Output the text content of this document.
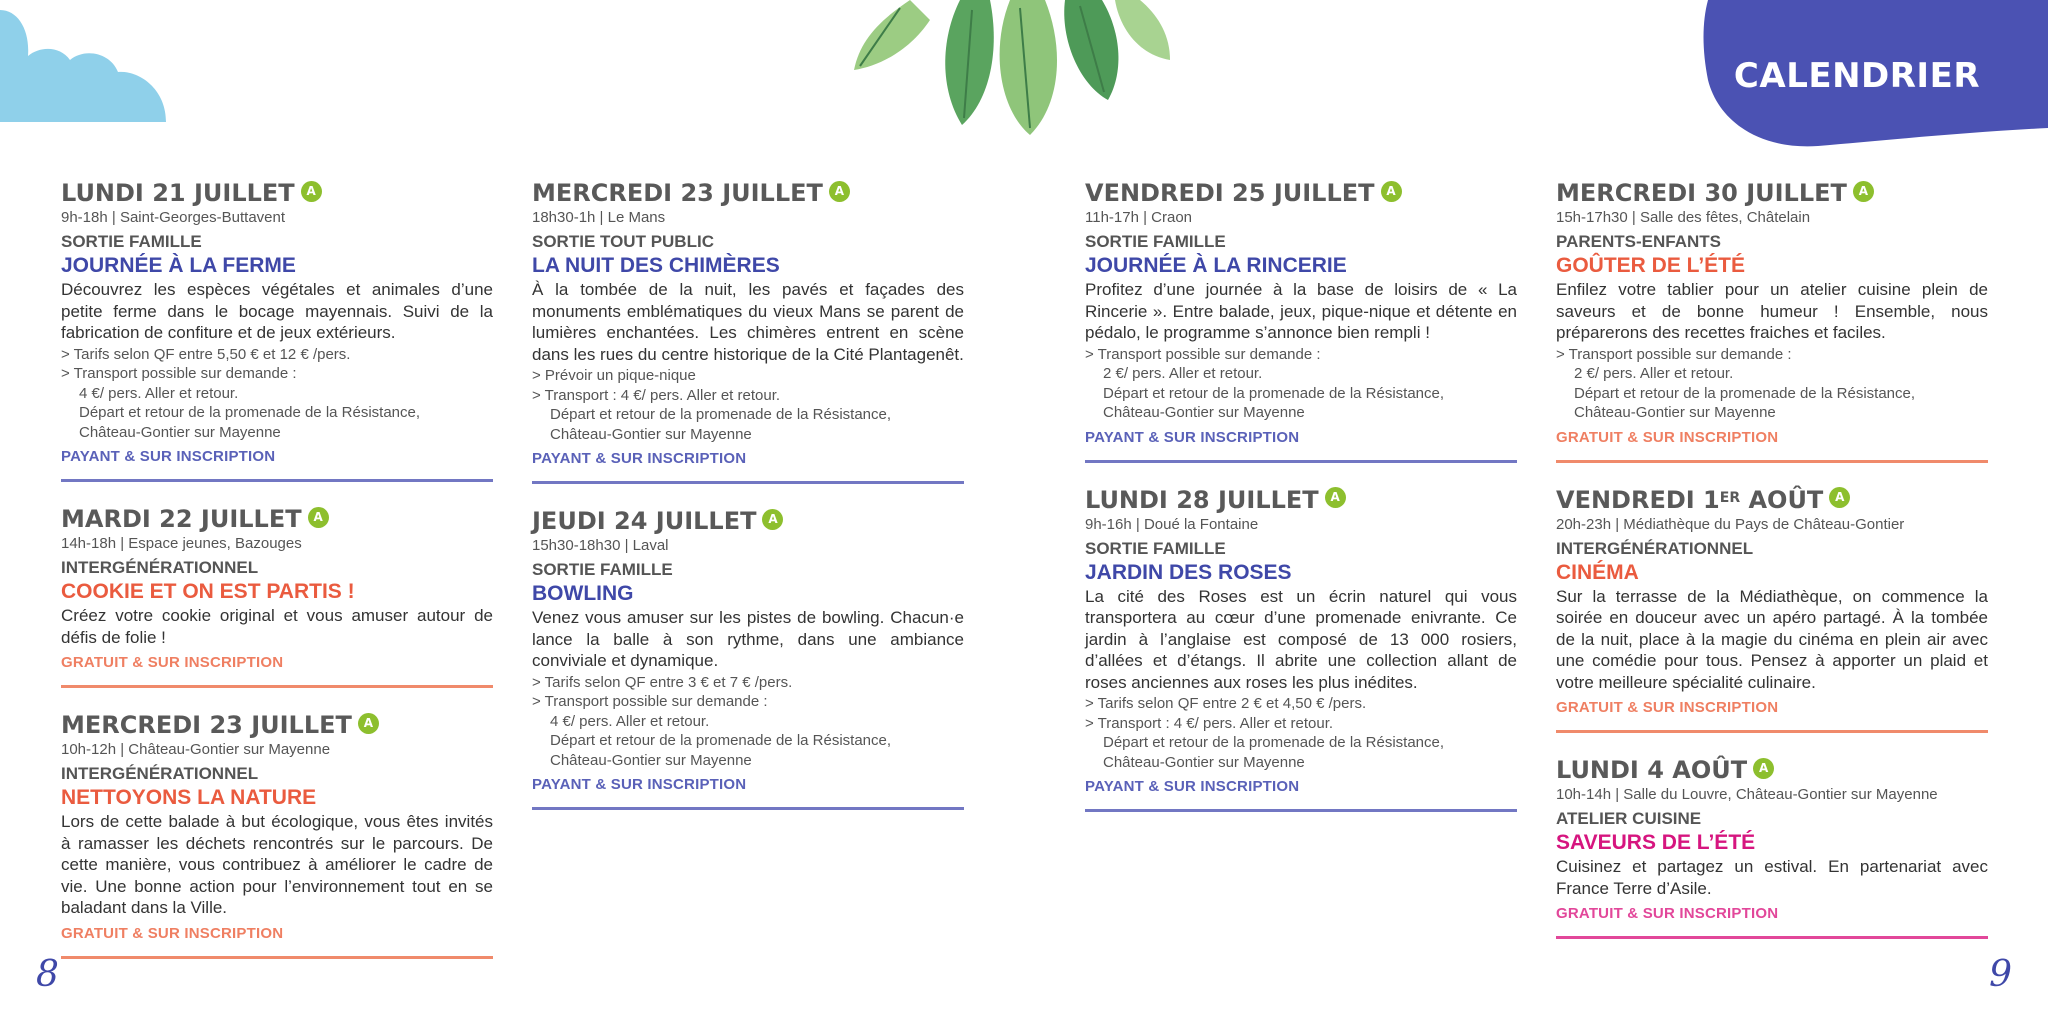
CALENDRIER
LUNDI 21 JUILLET A
9h-18h | Saint-Georges-Buttavent
SORTIE FAMILLE
JOURNÉE À LA FERME
Découvrez les espèces végétales et animales d’une petite ferme dans le bocage mayennais. Suivi de la fabrication de confiture et de jeux extérieurs.
> Tarifs selon QF entre 5,50 € et 12 € /pers.
> Transport possible sur demande :
4 €/ pers. Aller et retour.
Départ et retour de la promenade de la Résistance,
Château-Gontier sur Mayenne
PAYANT & SUR INSCRIPTION
MARDI 22 JUILLET A
14h-18h | Espace jeunes, Bazouges
INTERGÉNÉRATIONNEL
COOKIE ET ON EST PARTIS !
Créez votre cookie original et vous amuser autour de défis de folie !
GRATUIT & SUR INSCRIPTION
MERCREDI 23 JUILLET A
10h-12h | Château-Gontier sur Mayenne
INTERGÉNÉRATIONNEL
NETTOYONS LA NATURE
Lors de cette balade à but écologique, vous êtes invités à ramasser les déchets rencontrés sur le parcours. De cette manière, vous contribuez à améliorer le cadre de vie. Une bonne action pour l’environnement tout en se baladant dans la Ville.
GRATUIT & SUR INSCRIPTION
MERCREDI 23 JUILLET A
18h30-1h | Le Mans
SORTIE TOUT PUBLIC
LA NUIT DES CHIMÈRES
À la tombée de la nuit, les pavés et façades des monuments emblématiques du vieux Mans se parent de lumières enchantées. Les chimères entrent en scène dans les rues du centre historique de la Cité Plantagenêt.
> Prévoir un pique-nique
> Transport : 4 €/ pers. Aller et retour.
Départ et retour de la promenade de la Résistance,
Château-Gontier sur Mayenne
PAYANT & SUR INSCRIPTION
JEUDI 24 JUILLET A
15h30-18h30 | Laval
SORTIE FAMILLE
BOWLING
Venez vous amuser sur les pistes de bowling. Chacun·e lance la balle à son rythme, dans une ambiance conviviale et dynamique.
> Tarifs selon QF entre 3 € et 7 € /pers.
> Transport possible sur demande :
4 €/ pers. Aller et retour.
Départ et retour de la promenade de la Résistance,
Château-Gontier sur Mayenne
PAYANT & SUR INSCRIPTION
VENDREDI 25 JUILLET A
11h-17h | Craon
SORTIE FAMILLE
JOURNÉE À LA RINCERIE
Profitez d’une journée à la base de loisirs de « La Rincerie ». Entre balade, jeux, pique-nique et détente en pédalo, le programme s’annonce bien rempli !
> Transport possible sur demande :
2 €/ pers. Aller et retour.
Départ et retour de la promenade de la Résistance,
Château-Gontier sur Mayenne
PAYANT & SUR INSCRIPTION
LUNDI 28 JUILLET A
9h-16h | Doué la Fontaine
SORTIE FAMILLE
JARDIN DES ROSES
La cité des Roses est un écrin naturel qui vous transportera au cœur d’une promenade enivrante. Ce jardin à l’anglaise est composé de 13 000 rosiers, d’allées et d’étangs. Il abrite une collection allant de roses anciennes aux roses les plus inédites.
> Tarifs selon QF entre 2 € et 4,50 € /pers.
> Transport : 4 €/ pers. Aller et retour.
Départ et retour de la promenade de la Résistance,
Château-Gontier sur Mayenne
PAYANT & SUR INSCRIPTION
MERCREDI 30 JUILLET A
15h-17h30 | Salle des fêtes, Châtelain
PARENTS-ENFANTS
GOÛTER DE L’ÉTÉ
Enfilez votre tablier pour un atelier cuisine plein de saveurs et de bonne humeur ! Ensemble, nous préparerons des recettes fraiches et faciles.
> Transport possible sur demande :
2 €/ pers. Aller et retour.
Départ et retour de la promenade de la Résistance,
Château-Gontier sur Mayenne
GRATUIT & SUR INSCRIPTION
VENDREDI 1ER AOÛT A
20h-23h | Médiathèque du Pays de Château-Gontier
INTERGÉNÉRATIONNEL
CINÉMA
Sur la terrasse de la Médiathèque, on commence la soirée en douceur avec un apéro partagé. À la tombée de la nuit, place à la magie du cinéma en plein air avec une comédie pour tous. Pensez à apporter un plaid et votre meilleure spécialité culinaire.
GRATUIT & SUR INSCRIPTION
LUNDI 4 AOÛT A
10h-14h | Salle du Louvre, Château-Gontier sur Mayenne
ATELIER CUISINE
SAVEURS DE L’ÉTÉ
Cuisinez et partagez un estival. En partenariat avec France Terre d’Asile.
GRATUIT & SUR INSCRIPTION
8	9
